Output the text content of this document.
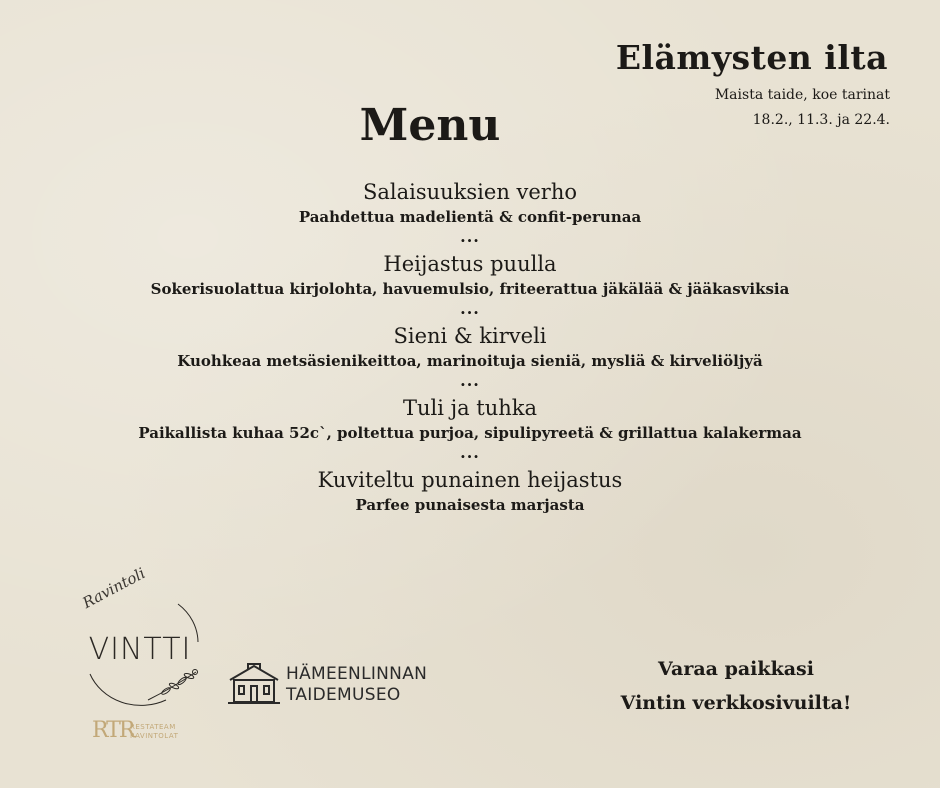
Elämysten ilta
Maista taide, koe tarinat
18.2., 11.3. ja 22.4.
Menu

Salaisuuksien verho

Paahdettua madelientä & confit-perunaa

...

Heijastus puulla

Sokerisuolattua kirjolohta, havuemulsio, friteerattua jäkälää & jääkasviksia

...

Sieni & kirveli

Kuohkeaa metsäsienikeittoa, marinoituja sieniä, mysliä & kirveliöljyä

...

Tuli ja tuhka

Paikallista kuhaa 52c`, poltettua purjoa, sipulipyreetä & grillattua kalakermaa

...

Kuviteltu punainen heijastus

Parfee punaisesta marjasta

Ravintoli
VINTTI
RTR
RESTATEAM
RAVINTOLAT
HÄMEENLINNAN
TAIDEMUSEO
Varaa paikkasi
Vintin verkkosivuilta!
